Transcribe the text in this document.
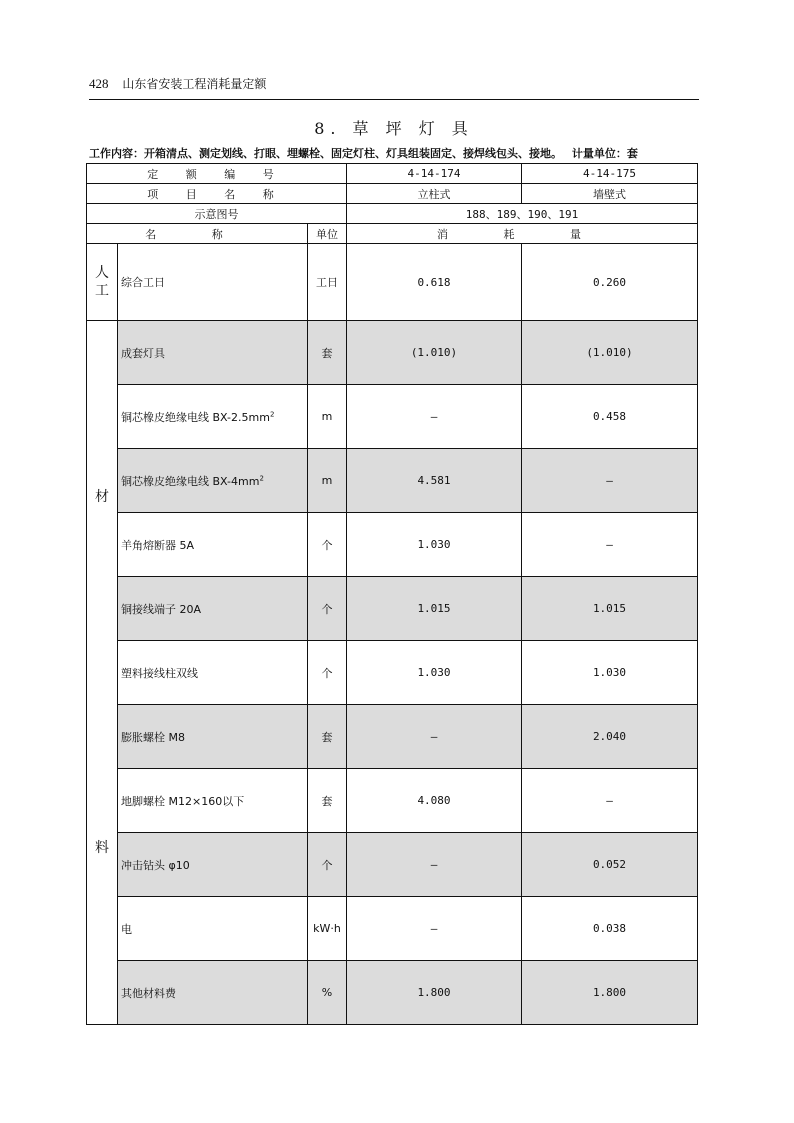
428 山东省安装工程消耗量定额
8. 草 坪 灯 具
工作内容：开箱清点、测定划线、打眼、埋螺栓、固定灯柱、灯具组装固定、接焊线包头、接地。 计量单位：套
定 额 编 号			4-14-174	4-14-175
项 目 名 称			立柱式	墙壁式
示意图号			188、189、190、191	
名 称		单位	消 耗 量	

人
工	综合工日	工日	0.618	0.260

材
料	成套灯具	套	(1.010)	(1.010)
	铜芯橡皮绝缘电线 $BX-2.5mm^2$	m	—	0.458
	铜芯橡皮绝缘电线 $BX-4mm^2$	m	4.581	—
	羊角熔断器 5A	个	1.030	—
	铜接线端子 20A	个	1.015	1.015
	塑料接线柱双线	个	1.030	1.030
	膨胀螺栓 M8	套	—	2.040
	地脚螺栓 M12×160以下	套	4.080	—
	冲击钻头 φ10	个	—	0.052
	电	kW·h	—	0.038
	其他材料费	%	1.800	1.800
